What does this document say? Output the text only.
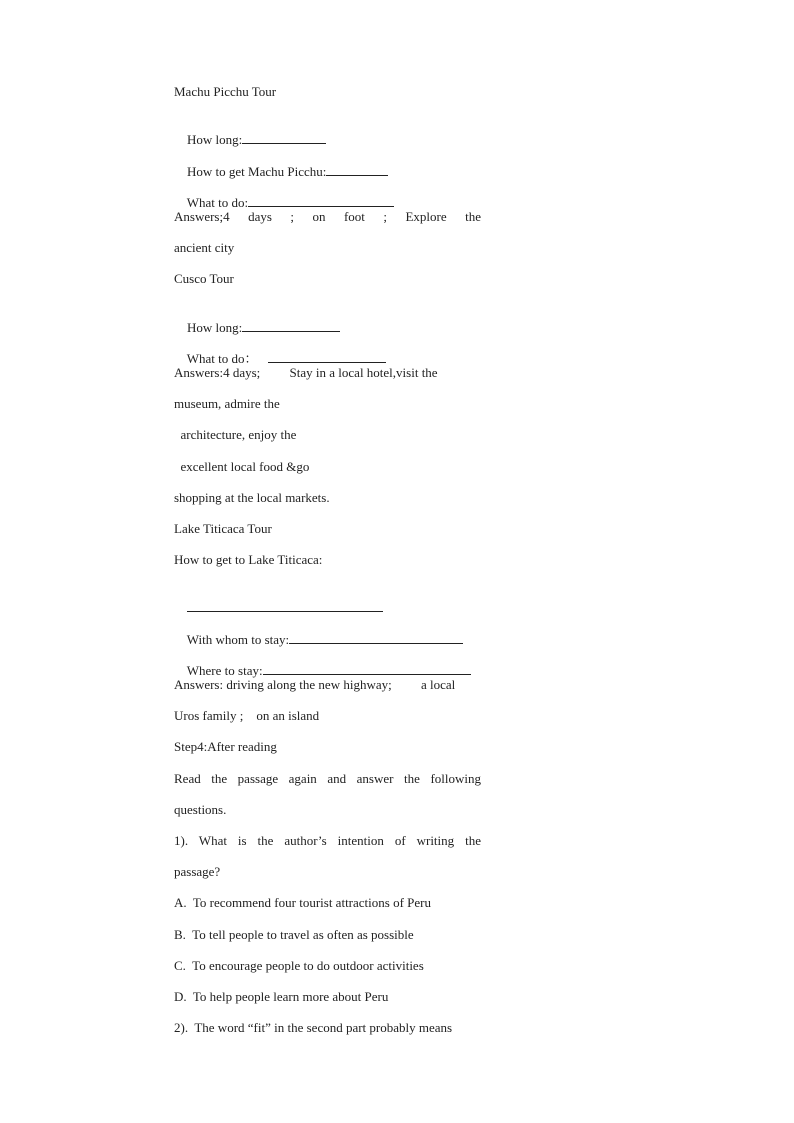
Machu Picchu Tour

How long:

How to get Machu Picchu:

What to do:

Answers;4 days ; on foot ; Explore the
ancient city
Cusco Tour

How long:

What to do：

Answers:4 days;         Stay in a local hotel,visit the
museum, admire the
architecture, enjoy the
excellent local food &go
shopping at the local markets.
Lake Titicaca Tour
How to get to Lake Titicaca:

With whom to stay:

Where to stay:

Answers: driving along the new highway;         a local
Uros family ;    on an island
Step4:After reading
Read the passage again and answer the following
questions.
1). What is the author’s intention of writing the
passage?
A.  To recommend four tourist attractions of Peru
B.  To tell people to travel as often as possible
C.  To encourage people to do outdoor activities
D.  To help people learn more about Peru
2).  The word “fit” in the second part probably means
